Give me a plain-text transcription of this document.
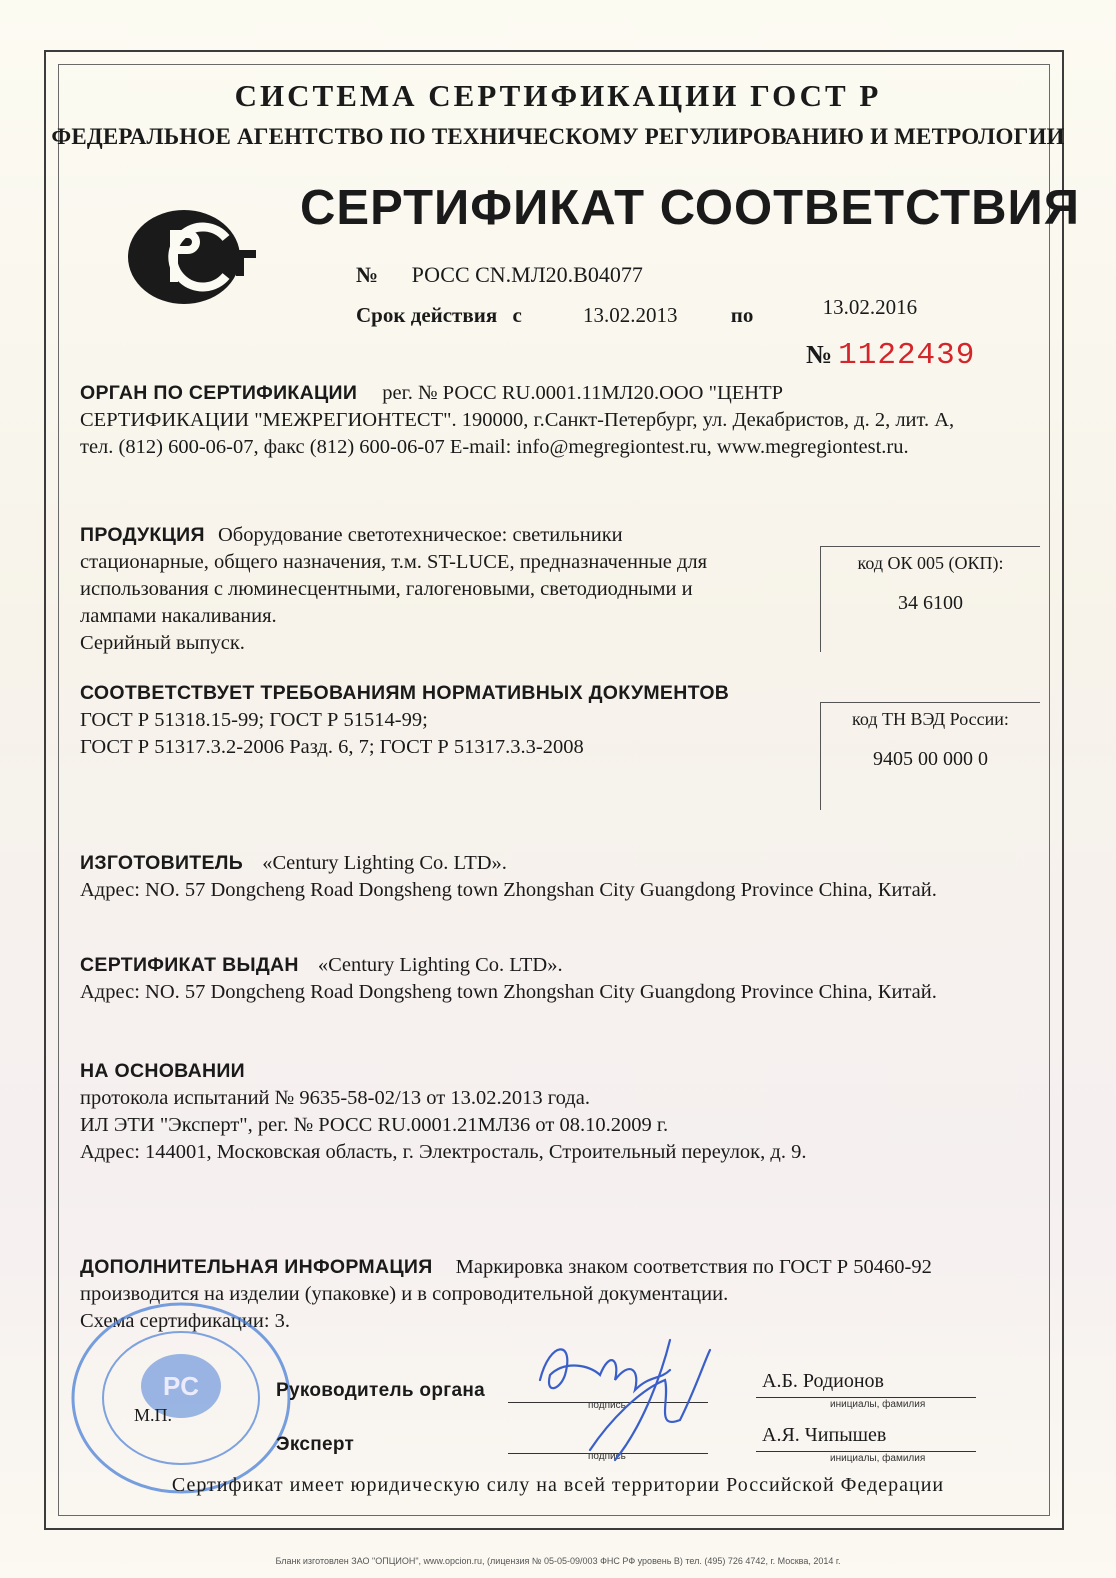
СИСТЕМА СЕРТИФИКАЦИИ ГОСТ Р
ФЕДЕРАЛЬНОЕ АГЕНТСТВО ПО ТЕХНИЧЕСКОМУ РЕГУЛИРОВАНИЮ И МЕТРОЛОГИИ
СЕРТИФИКАТ СООТВЕТСТВИЯ
№ РОСС CN.МЛ20.В04077
Срок действия с	13.02.2013	по	13.02.2016
№ 1122439
ОРГАН ПО СЕРТИФИКАЦИИ рег. № РОСС RU.0001.11МЛ20.ООО "ЦЕНТР
СЕРТИФИКАЦИИ "МЕЖРЕГИОНТЕСТ". 190000, г.Санкт-Петербург, ул. Декабристов, д. 2, лит. А,
тел. (812) 600-06-07, факс (812) 600-06-07 E-mail: info@megregiontest.ru, www.megregiontest.ru.
ПРОДУКЦИЯ Оборудование светотехническое: светильники
стационарные, общего назначения, т.м. ST-LUCE, предназначенные для
использования с люминесцентными, галогеновыми, светодиодными и
лампами накаливания.
Серийный выпуск.
код ОК 005 (ОКП):
34 6100
СООТВЕТСТВУЕТ ТРЕБОВАНИЯМ НОРМАТИВНЫХ ДОКУМЕНТОВ
ГОСТ Р 51318.15-99; ГОСТ Р 51514-99;
ГОСТ Р 51317.3.2-2006 Разд. 6, 7; ГОСТ Р 51317.3.3-2008
код ТН ВЭД России:
9405 00 000 0
ИЗГОТОВИТЕЛЬ «Century Lighting Co. LTD».
Адрес: NO. 57 Dongcheng Road Dongsheng town Zhongshan City Guangdong Province China, Китай.
СЕРТИФИКАТ ВЫДАН «Century Lighting Co. LTD».
Адрес: NO. 57 Dongcheng Road Dongsheng town Zhongshan City Guangdong Province China, Китай.
НА ОСНОВАНИИ
протокола испытаний № 9635-58-02/13 от 13.02.2013 года.
ИЛ ЭТИ "Эксперт", рег. № РОСС RU.0001.21МЛ36 от 08.10.2009 г.
Адрес: 144001, Московская область, г. Электросталь, Строительный переулок, д. 9.
ДОПОЛНИТЕЛЬНАЯ ИНФОРМАЦИЯ Маркировка знаком соответствия по ГОСТ Р 50460-92
производится на изделии (упаковке) и в сопроводительной документации.
Схема сертификации: 3.
PC
М.П.
Руководитель органа
подпись
А.Б. Родионов
инициалы, фамилия
Эксперт
подпись
А.Я. Чипышев
инициалы, фамилия
Сертификат имеет юридическую силу на всей территории Российской Федерации
Бланк изготовлен ЗАО "ОПЦИОН", www.opcion.ru, (лицензия № 05-05-09/003 ФНС РФ уровень В) тел. (495) 726 4742, г. Москва, 2014 г.
